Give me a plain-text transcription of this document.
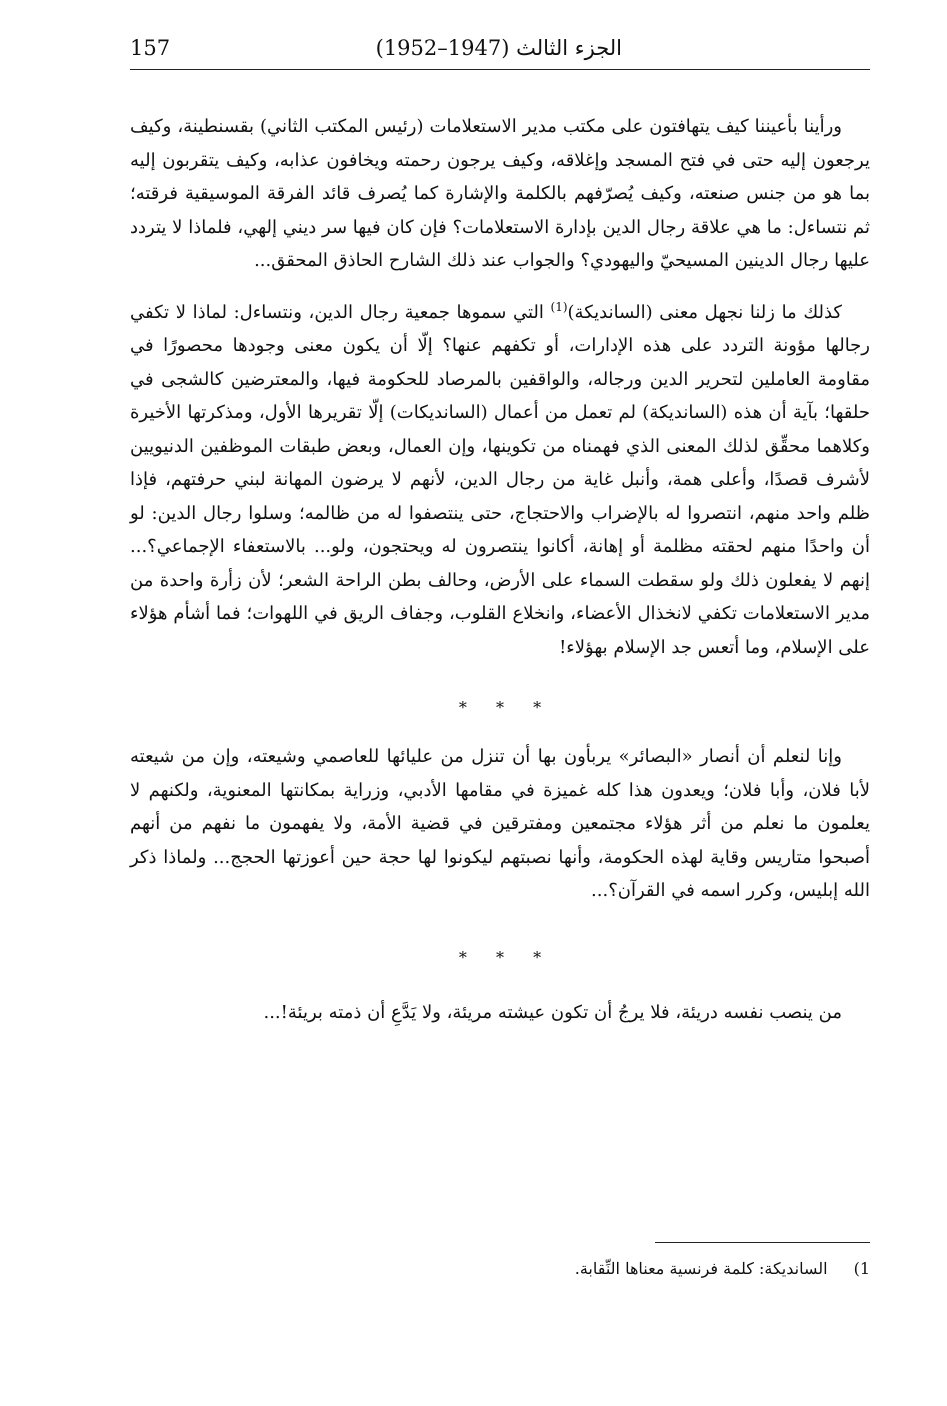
الجزء الثالث (1947–1952)
157

ورأينا بأعيننا كيف يتهافتون على مكتب مدير الاستعلامات (رئيس المكتب الثاني) بقسنطينة، وكيف يرجعون إليه حتى في فتح المسجد وإغلاقه، وكيف يرجون رحمته ويخافون عذابه، وكيف يتقربون إليه بما هو من جنس صنعته، وكيف يُصرّفهم بالكلمة والإشارة كما يُصرف قائد الفرقة الموسيقية فرقته؛ ثم نتساءل: ما هي علاقة رجال الدين بإدارة الاستعلامات؟ فإن كان فيها سر ديني إلهي، فلماذا لا يتردد عليها رجال الدينين المسيحيّ واليهودي؟ والجواب عند ذلك الشارح الحاذق المحقق...

كذلك ما زلنا نجهل معنى (السانديكة)$^{(1)}$ التي سموها جمعية رجال الدين، ونتساءل: لماذا لا تكفي رجالها مؤونة التردد على هذه الإدارات، أو تكفهم عنها؟ إلّا أن يكون معنى وجودها محصورًا في مقاومة العاملين لتحرير الدين ورجاله، والواقفين بالمرصاد للحكومة فيها، والمعترضين كالشجى في حلقها؛ بآية أن هذه (السانديكة) لم تعمل من أعمال (السانديكات) إلّا تقريرها الأول، ومذكرتها الأخيرة وكلاهما محقِّق لذلك المعنى الذي فهمناه من تكوينها، وإن العمال، وبعض طبقات الموظفين الدنيويين لأشرف قصدًا، وأعلى همة، وأنبل غاية من رجال الدين، لأنهم لا يرضون المهانة لبني حرفتهم، فإذا ظلم واحد منهم، انتصروا له بالإضراب والاحتجاج، حتى ينتصفوا له من ظالمه؛ وسلوا رجال الدين: لو أن واحدًا منهم لحقته مظلمة أو إهانة، أكانوا ينتصرون له ويحتجون، ولو... بالاستعفاء الإجماعي؟... إنهم لا يفعلون ذلك ولو سقطت السماء على الأرض، وحالف بطن الراحة الشعر؛ لأن زأرة واحدة من مدير الاستعلامات تكفي لانخذال الأعضاء، وانخلاع القلوب، وجفاف الريق في اللهوات؛ فما أشأم هؤلاء على الإسلام، وما أتعس جد الإسلام بهؤلاء!

* * *

وإنا لنعلم أن أنصار «البصائر» يربأون بها أن تنزل من عليائها للعاصمي وشيعته، وإن من شيعته لأبا فلان، وأبا فلان؛ ويعدون هذا كله غميزة في مقامها الأدبي، وزراية بمكانتها المعنوية، ولكنهم لا يعلمون ما نعلم من أثر هؤلاء مجتمعين ومفترقين في قضية الأمة، ولا يفهمون ما نفهم من أنهم أصبحوا متاريس وقاية لهذه الحكومة، وأنها نصبتهم ليكونوا لها حجة حين أعوزتها الحجج... ولماذا ذكر الله إبليس، وكرر اسمه في القرآن؟...

* * *

من ينصب نفسه دريئة، فلا يرجُ أن تكون عيشته مريئة، ولا يَدَّعِ أن ذمته بريئة!...

1)السانديكة: كلمة فرنسية معناها النِّقابة.
